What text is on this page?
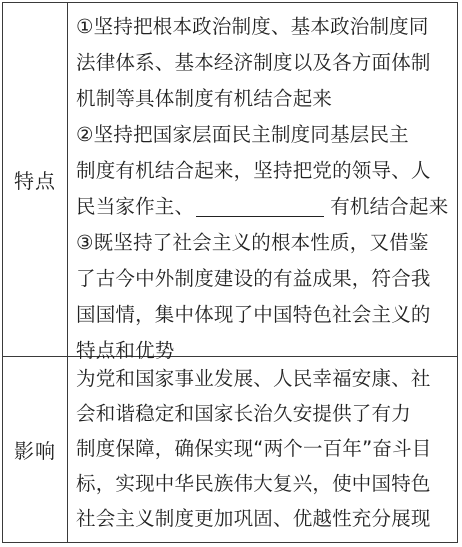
特点
①坚持把根本政治制度、基本政治制度同
法律体系、基本经济制度以及各方面体制
机制等具体制度有机结合起来
②坚持把国家层面民主制度同基层民主
制度有机结合起来，坚持把党的领导、人
民当家作主、	有机结合起来
③既坚持了社会主义的根本性质，又借鉴
了古今中外制度建设的有益成果，符合我
国国情，集中体现了中国特色社会主义的
特点和优势
影响
为党和国家事业发展、人民幸福安康、社
会和谐稳定和国家长治久安提供了有力
制度保障，确保实现“两个一百年”奋斗目
标，实现中华民族伟大复兴，使中国特色
社会主义制度更加巩固、优越性充分展现
